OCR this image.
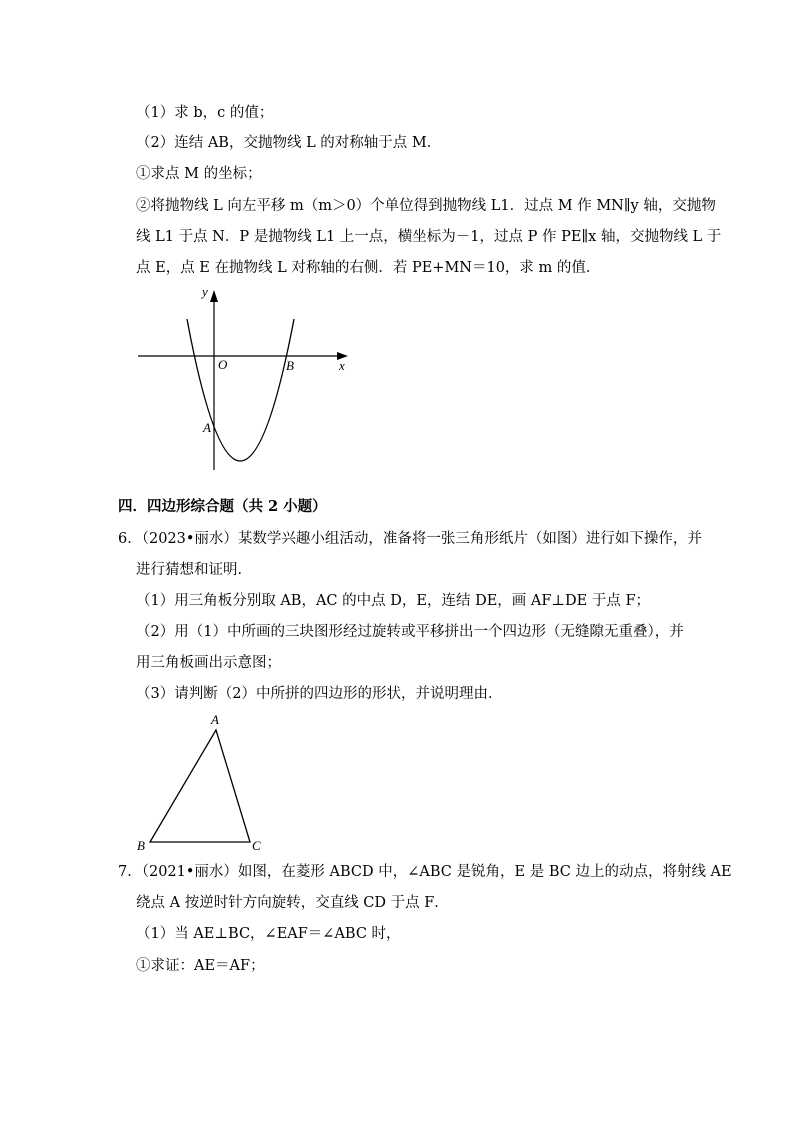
（1）求 b，c 的值；
（2）连结 AB，交抛物线 L 的对称轴于点 M．
①求点 M 的坐标；
②将抛物线 L 向左平移 m（m＞0）个单位得到抛物线 L1．过点 M 作 MN∥y 轴，交抛物
线 L1 于点 N．P 是抛物线 L1 上一点，横坐标为－1，过点 P 作 PE∥x 轴，交抛物线 L 于
点 E，点 E 在抛物线 L 对称轴的右侧．若 PE+MN＝10，求 m 的值．
y
x
O	B
A
四．四边形综合题（共 2 小题）
6．（2023•丽水）某数学兴趣小组活动，准备将一张三角形纸片（如图）进行如下操作，并
进行猜想和证明．
（1）用三角板分别取 AB，AC 的中点 D，E，连结 DE，画 AF⊥DE 于点 F；
（2）用（1）中所画的三块图形经过旋转或平移拼出一个四边形（无缝隙无重叠），并
用三角板画出示意图；
（3）请判断（2）中所拼的四边形的形状，并说明理由．
A
B	C
7．（2021•丽水）如图，在菱形 ABCD 中，∠ABC 是锐角，E 是 BC 边上的动点，将射线 AE
绕点 A 按逆时针方向旋转，交直线 CD 于点 F．
（1）当 AE⊥BC，∠EAF＝∠ABC 时，
①求证：AE＝AF；
